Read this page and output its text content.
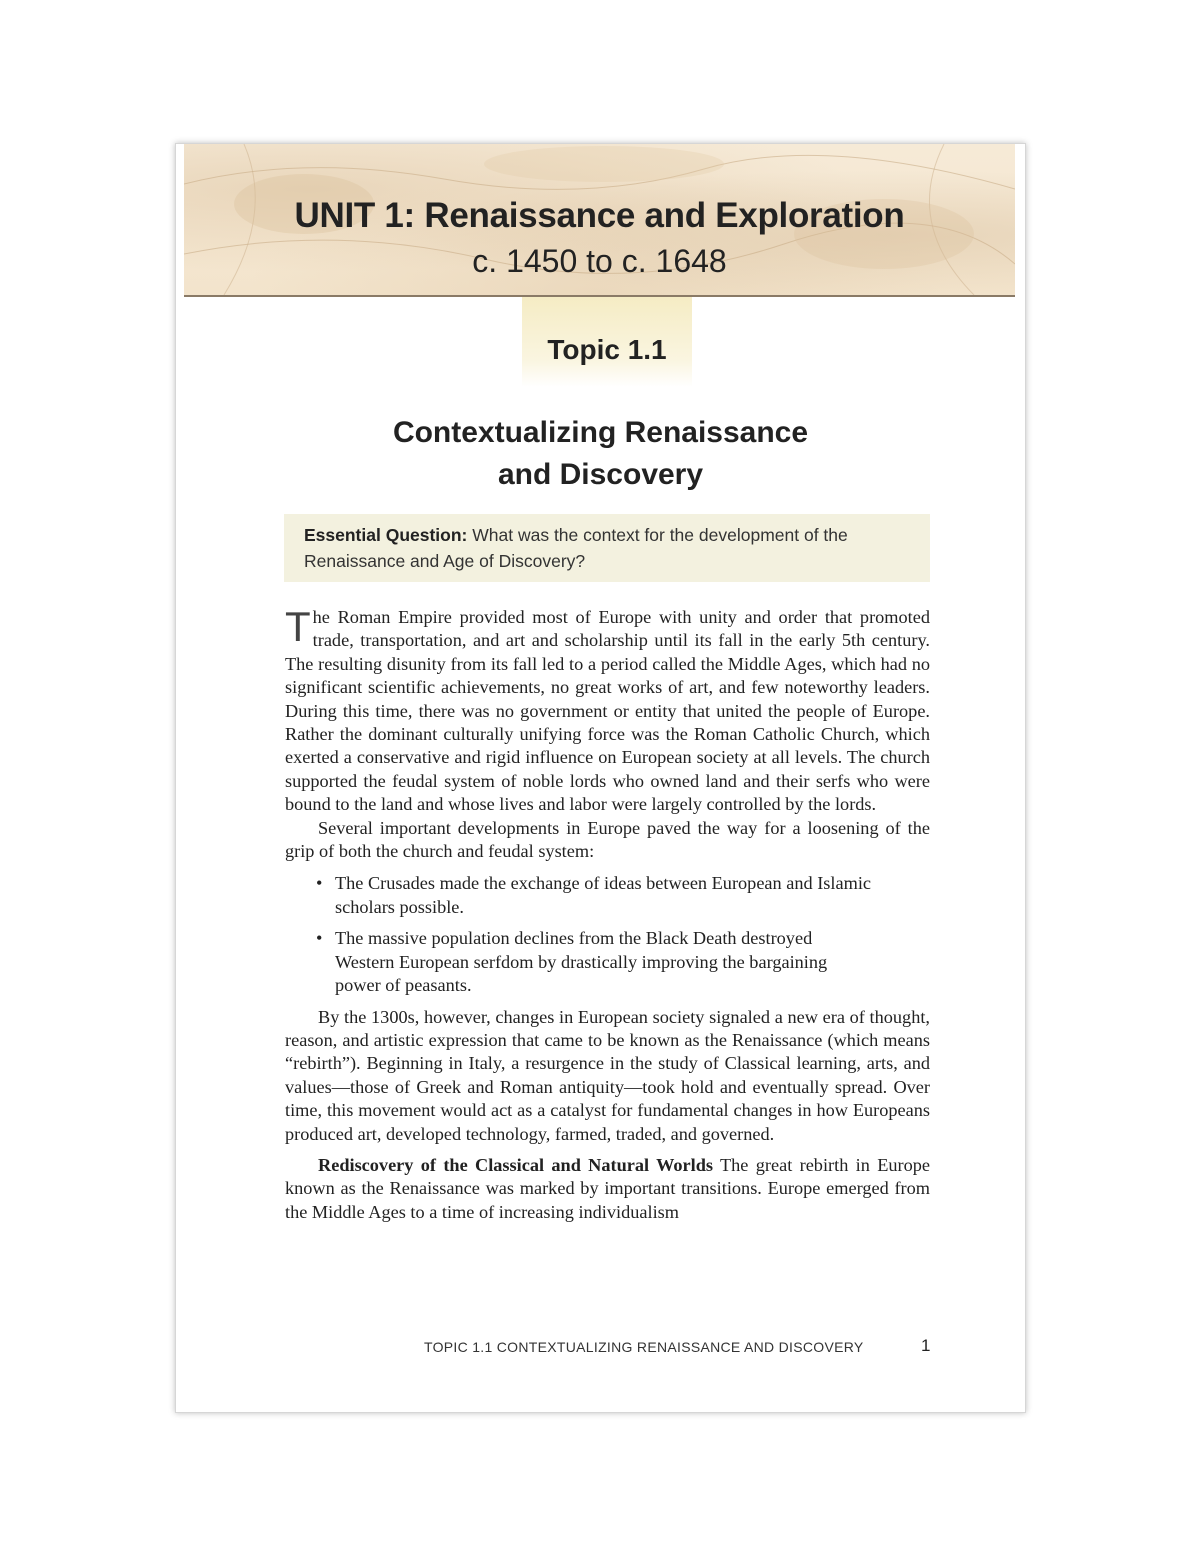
UNIT 1: Renaissance and Exploration
c. 1450 to c. 1648
Topic 1.1
Contextualizing Renaissance
and Discovery
Essential Question: What was the context for the development of the Renaissance and Age of Discovery?

The Roman Empire provided most of Europe with unity and order that promoted trade, transportation, and art and scholarship until its fall in the early 5th century. The resulting disunity from its fall led to a period called the Middle Ages, which had no significant scientific achievements, no great works of art, and few noteworthy leaders. During this time, there was no government or entity that united the people of Europe. Rather the dominant culturally unifying force was the Roman Catholic Church, which exerted a conservative and rigid influence on European society at all levels. The church supported the feudal system of noble lords who owned land and their serfs who were bound to the land and whose lives and labor were largely controlled by the lords.

Several important developments in Europe paved the way for a loosening of the grip of both the church and feudal system:

• The Crusades made the exchange of ideas between European and Islamic scholars possible.
• The massive population declines from the Black Death destroyed Western European serfdom by drastically improving the bargaining power of peasants.

By the 1300s, however, changes in European society signaled a new era of thought, reason, and artistic expression that came to be known as the Renaissance (which means “rebirth”). Beginning in Italy, a resurgence in the study of Classical learning, arts, and values—those of Greek and Roman antiquity—took hold and eventually spread. Over time, this movement would act as a catalyst for fundamental changes in how Europeans produced art, developed technology, farmed, traded, and governed.

Rediscovery of the Classical and Natural Worlds The great rebirth in Europe known as the Renaissance was marked by important transitions. Europe emerged from the Middle Ages to a time of increasing individualism

TOPIC 1.1 CONTEXTUALIZING RENAISSANCE AND DISCOVERY	1
